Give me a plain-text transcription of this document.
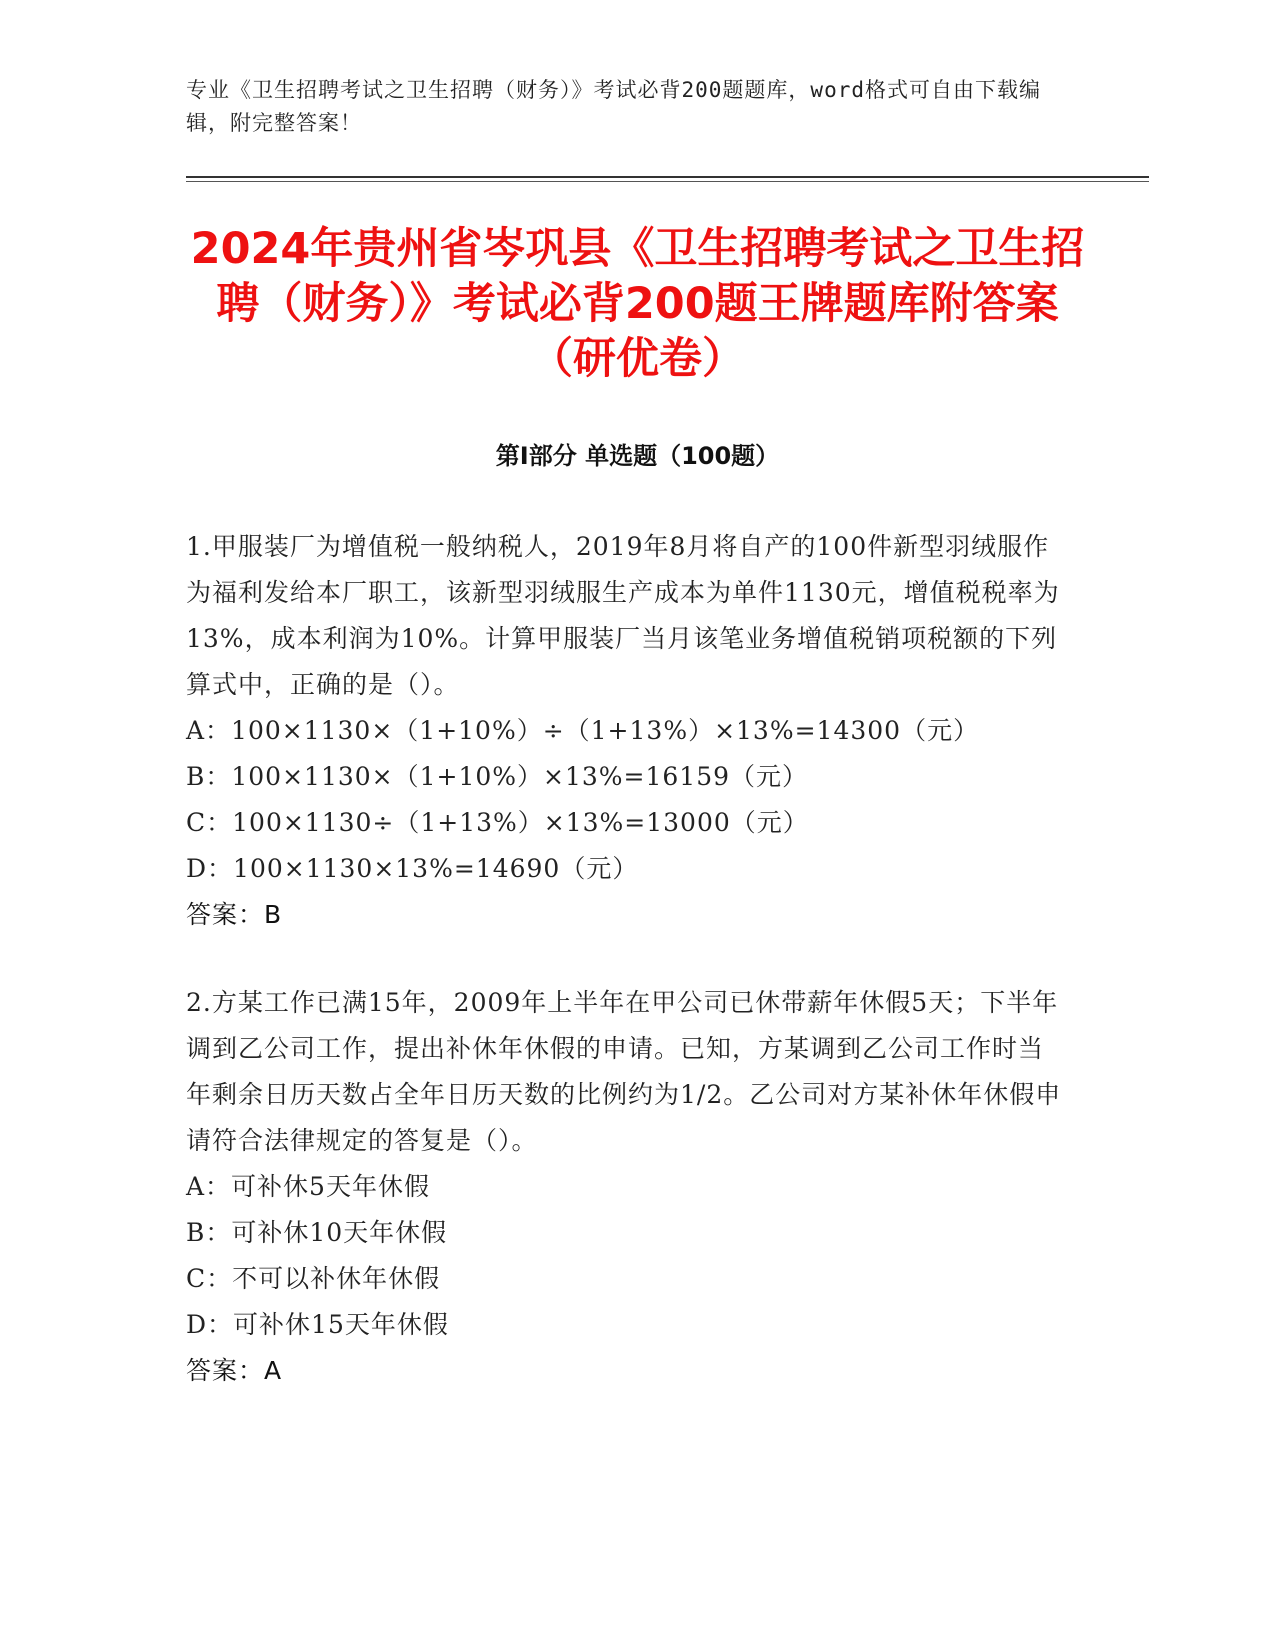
专业《卫生招聘考试之卫生招聘（财务）》考试必背200题题库，word格式可自由下载编辑，附完整答案！
2024年贵州省岑巩县《卫生招聘考试之卫生招聘（财务）》考试必背200题王牌题库附答案（研优卷）
第Ⅰ部分 单选题（100题）

1.甲服装厂为增值税一般纳税人，2019年8月将自产的100件新型羽绒服作为福利发给本厂职工，该新型羽绒服生产成本为单件1130元，增值税税率为13%，成本利润为10%。计算甲服装厂当月该笔业务增值税销项税额的下列算式中，正确的是（）。

A：100×1130×（1+10%）÷（1+13%）×13%=14300（元）

B：100×1130×（1+10%）×13%=16159（元）

C：100×1130÷（1+13%）×13%=13000（元）

D：100×1130×13%=14690（元）

答案：B

2.方某工作已满15年，2009年上半年在甲公司已休带薪年休假5天；下半年调到乙公司工作，提出补休年休假的申请。已知，方某调到乙公司工作时当年剩余日历天数占全年日历天数的比例约为1/2。乙公司对方某补休年休假申请符合法律规定的答复是（）。

A：可补休5天年休假

B：可补休10天年休假

C：不可以补休年休假

D：可补休15天年休假

答案：A
